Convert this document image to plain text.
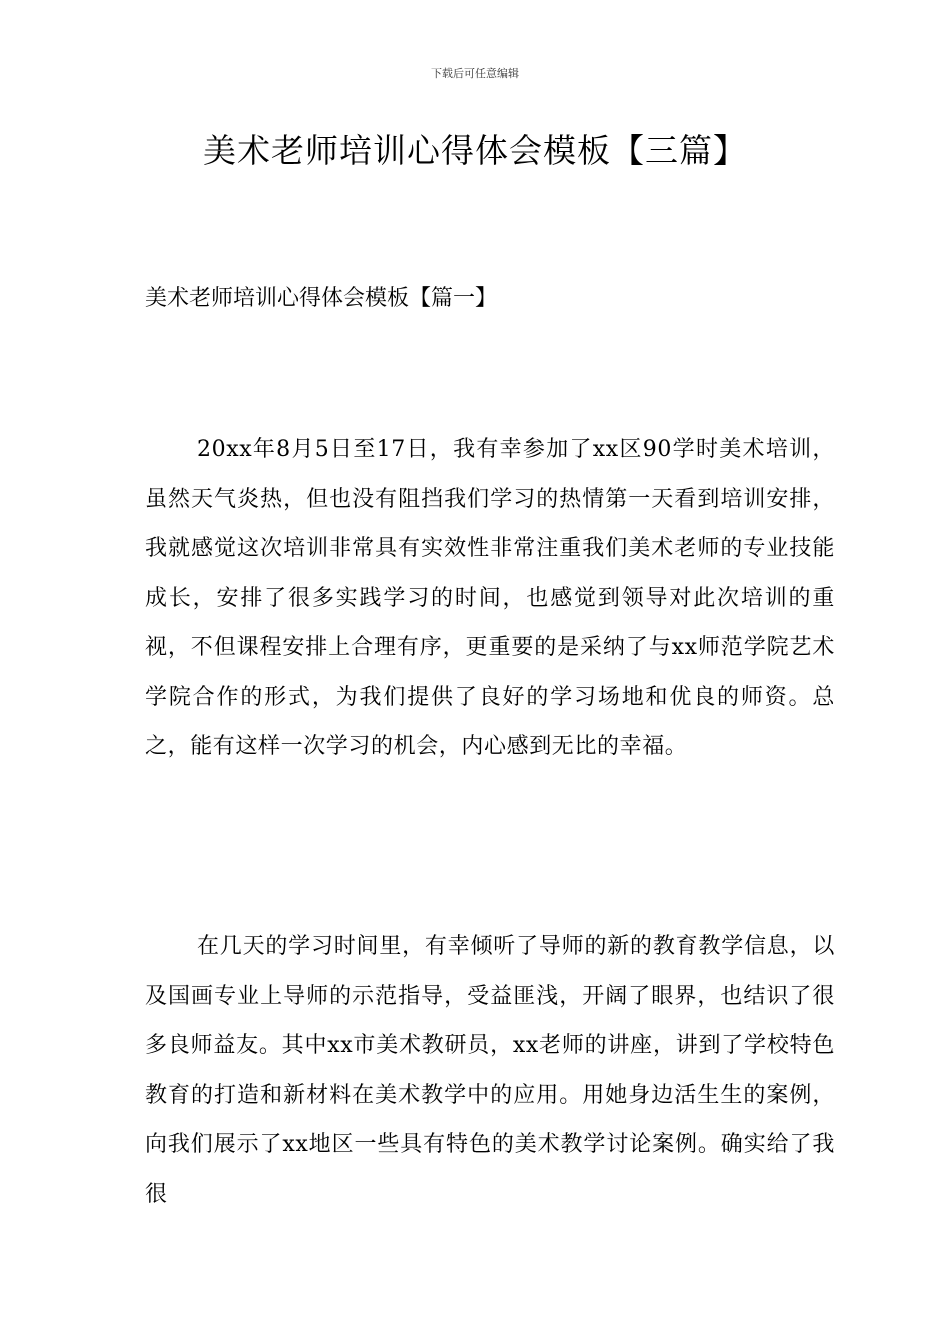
下载后可任意编辑
美术老师培训心得体会模板【三篇】
美术老师培训心得体会模板【篇一】

20xx年8月5日至17日，我有幸参加了xx区90学时美术培训，虽然天气炎热，但也没有阻挡我们学习的热情第一天看到培训安排，我就感觉这次培训非常具有实效性非常注重我们美术老师的专业技能成长，安排了很多实践学习的时间，也感觉到领导对此次培训的重视，不但课程安排上合理有序，更重要的是采纳了与xx师范学院艺术学院合作的形式，为我们提供了良好的学习场地和优良的师资。总之，能有这样一次学习的机会，内心感到无比的幸福。

在几天的学习时间里，有幸倾听了导师的新的教育教学信息，以及国画专业上导师的示范指导，受益匪浅，开阔了眼界，也结识了很多良师益友。其中xx市美术教研员，xx老师的讲座，讲到了学校特色教育的打造和新材料在美术教学中的应用。用她身边活生生的案例，向我们展示了xx地区一些具有特色的美术教学讨论案例。确实给了我很
